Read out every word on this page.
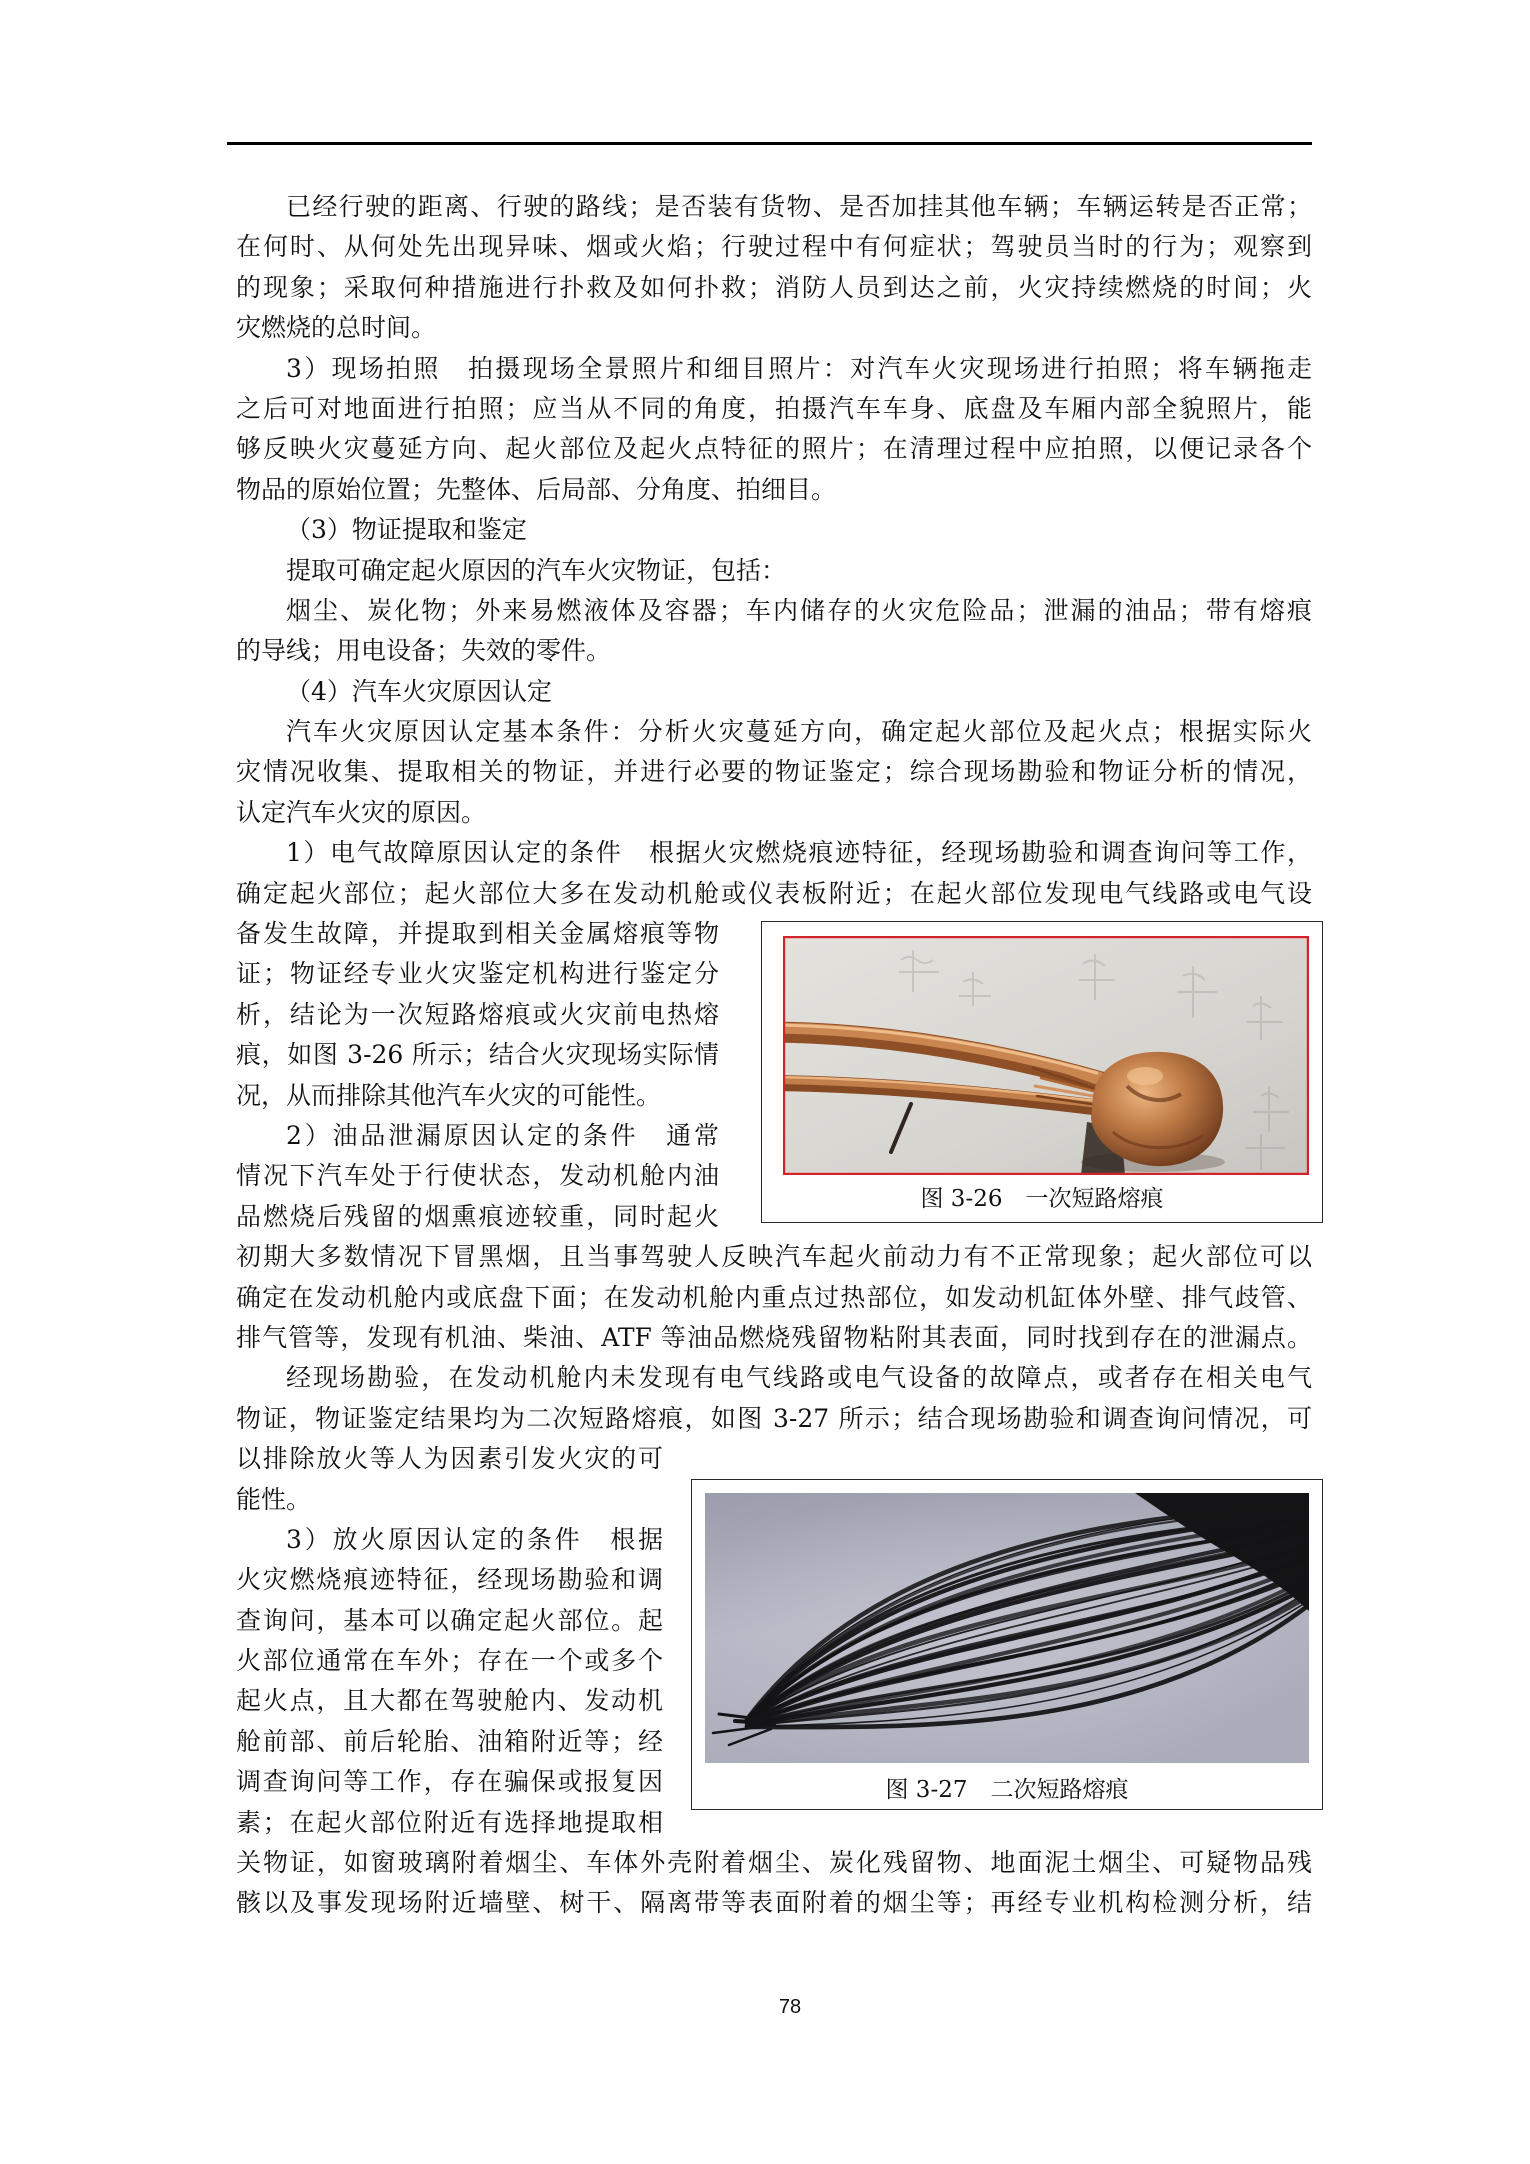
已经行驶的距离、行驶的路线；是否装有货物、是否加挂其他车辆；车辆运转是否正常；
在何时、从何处先出现异味、烟或火焰；行驶过程中有何症状；驾驶员当时的行为；观察到
的现象；采取何种措施进行扑救及如何扑救；消防人员到达之前，火灾持续燃烧的时间；火
灾燃烧的总时间。
3）现场拍照　拍摄现场全景照片和细目照片：对汽车火灾现场进行拍照；将车辆拖走
之后可对地面进行拍照；应当从不同的角度，拍摄汽车车身、底盘及车厢内部全貌照片，能
够反映火灾蔓延方向、起火部位及起火点特征的照片；在清理过程中应拍照，以便记录各个
物品的原始位置；先整体、后局部、分角度、拍细目。
（3）物证提取和鉴定
提取可确定起火原因的汽车火灾物证，包括：
烟尘、炭化物；外来易燃液体及容器；车内储存的火灾危险品；泄漏的油品；带有熔痕
的导线；用电设备；失效的零件。
（4）汽车火灾原因认定
汽车火灾原因认定基本条件：分析火灾蔓延方向，确定起火部位及起火点；根据实际火
灾情况收集、提取相关的物证，并进行必要的物证鉴定；综合现场勘验和物证分析的情况，
认定汽车火灾的原因。
1）电气故障原因认定的条件　根据火灾燃烧痕迹特征，经现场勘验和调查询问等工作，
确定起火部位；起火部位大多在发动机舱或仪表板附近；在起火部位发现电气线路或电气设
备发生故障，并提取到相关金属熔痕等物
证；物证经专业火灾鉴定机构进行鉴定分
析，结论为一次短路熔痕或火灾前电热熔
痕，如图 3-26 所示；结合火灾现场实际情
况，从而排除其他汽车火灾的可能性。
2）油品泄漏原因认定的条件　通常
情况下汽车处于行使状态，发动机舱内油
品燃烧后残留的烟熏痕迹较重，同时起火
初期大多数情况下冒黑烟，且当事驾驶人反映汽车起火前动力有不正常现象；起火部位可以
确定在发动机舱内或底盘下面；在发动机舱内重点过热部位，如发动机缸体外壁、排气歧管、
排气管等，发现有机油、柴油、ATF 等油品燃烧残留物粘附其表面，同时找到存在的泄漏点。
经现场勘验，在发动机舱内未发现有电气线路或电气设备的故障点，或者存在相关电气
物证，物证鉴定结果均为二次短路熔痕，如图 3-27 所示；结合现场勘验和调查询问情况，可
以排除放火等人为因素引发火灾的可
能性。
3）放火原因认定的条件　根据
火灾燃烧痕迹特征，经现场勘验和调
查询问，基本可以确定起火部位。起
火部位通常在车外；存在一个或多个
起火点，且大都在驾驶舱内、发动机
舱前部、前后轮胎、油箱附近等；经
调查询问等工作，存在骗保或报复因
素；在起火部位附近有选择地提取相
关物证，如窗玻璃附着烟尘、车体外壳附着烟尘、炭化残留物、地面泥土烟尘、可疑物品残
骸以及事发现场附近墙壁、树干、隔离带等表面附着的烟尘等；再经专业机构检测分析，结
图 3-26　一次短路熔痕
图 3-27　二次短路熔痕
78
